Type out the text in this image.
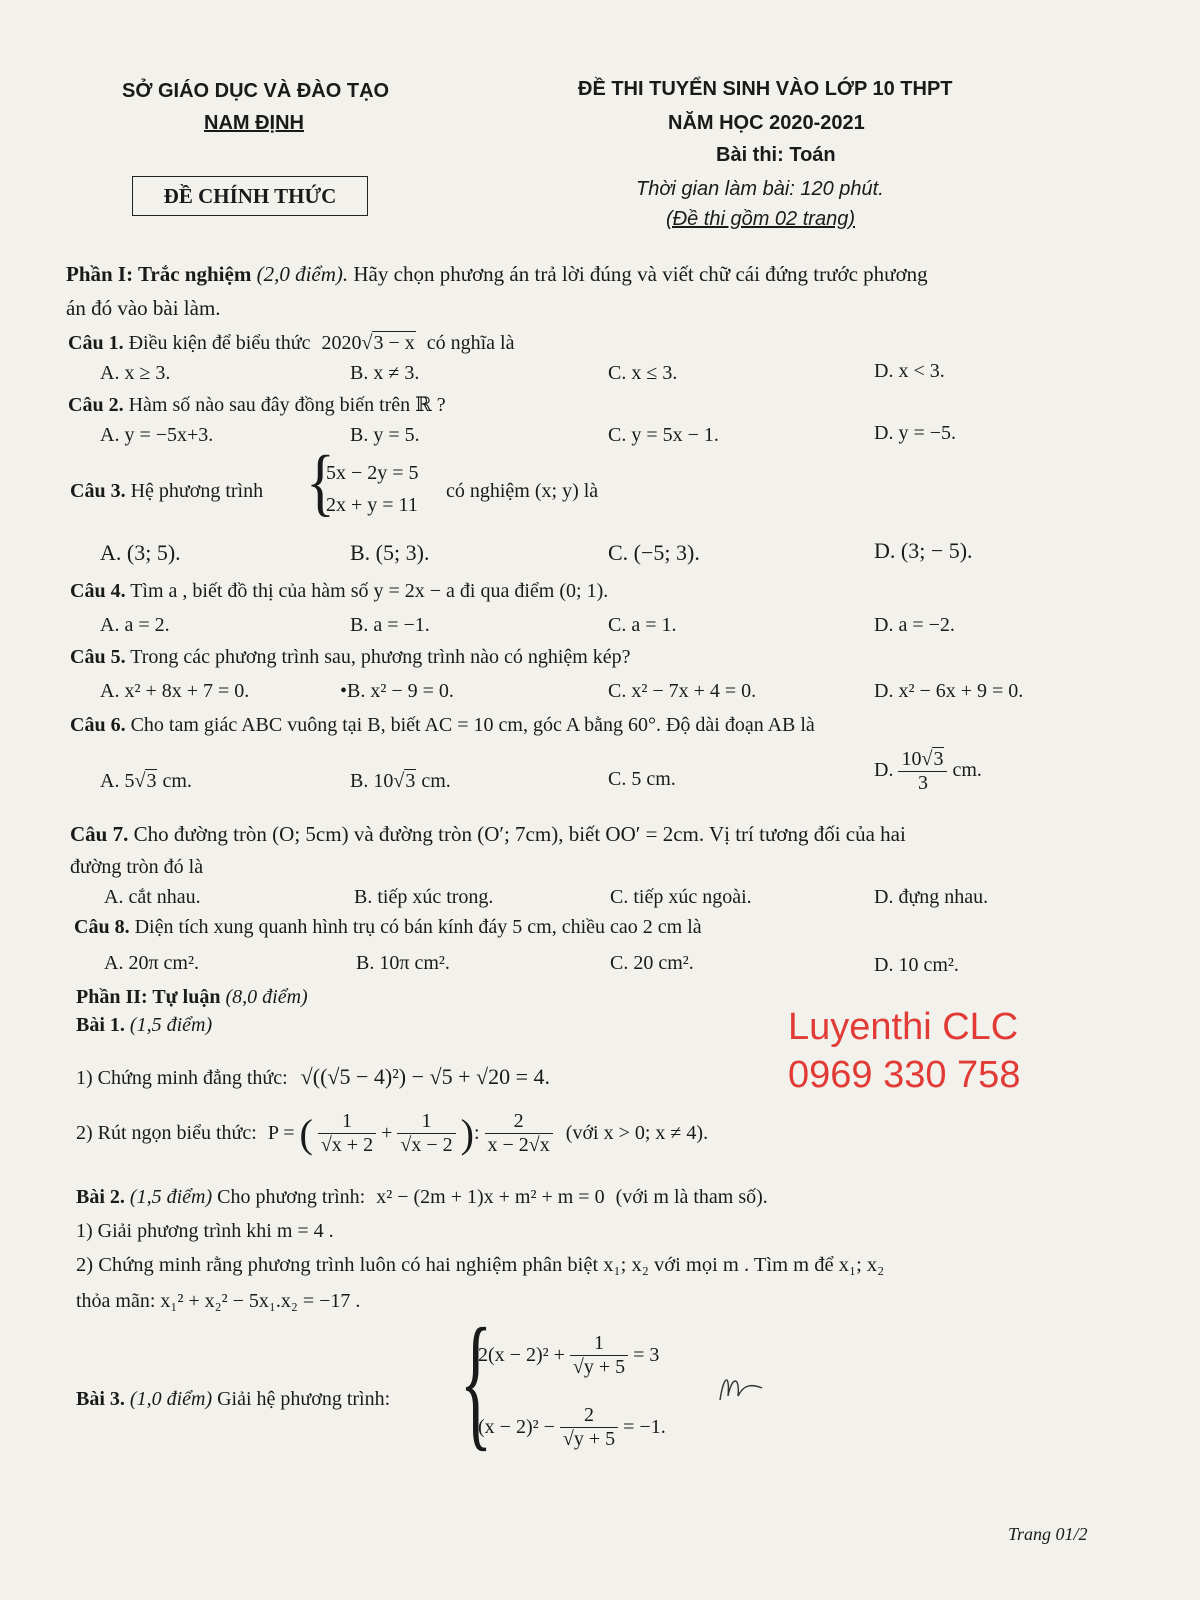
SỞ GIÁO DỤC VÀ ĐÀO TẠO
NAM ĐỊNH
ĐỀ CHÍNH THỨC
ĐỀ THI TUYỂN SINH VÀO LỚP 10 THPT
NĂM HỌC 2020-2021
Bài thi: Toán
Thời gian làm bài: 120 phút.
(Đề thi gồm 02 trang)
Phần I: Trắc nghiệm (2,0 điểm). Hãy chọn phương án trả lời đúng và viết chữ cái đứng trước phương
án đó vào bài làm.
Câu 1. Điều kiện để biểu thức 2020√3 − x có nghĩa là
A. x ≥ 3.	B. x ≠ 3.	C. x ≤ 3.	D. x < 3.
Câu 2. Hàm số nào sau đây đồng biến trên ℝ ?
A. y = −5x+3.	B. y = 5.	C. y = 5x − 1.	D. y = −5.
Câu 3. Hệ phương trình {
5x − 2y = 5
2x + y = 11
có nghiệm (x; y) là
A. (3; 5).	B. (5; 3).	C. (−5; 3).	D. (3; − 5).
Câu 4. Tìm a , biết đồ thị của hàm số y = 2x − a đi qua điểm (0; 1).
A. a = 2.	B. a = −1.	C. a = 1.	D. a = −2.
Câu 5. Trong các phương trình sau, phương trình nào có nghiệm kép?
A. x² + 8x + 7 = 0.	•B. x² − 9 = 0.	C. x² − 7x + 4 = 0.	D. x² − 6x + 9 = 0.
Câu 6. Cho tam giác ABC vuông tại B, biết AC = 10 cm, góc A bằng 60°. Độ dài đoạn AB là
A. 5√3 cm.	B. 10√3 cm.	C. 5 cm.	D. $\frac{10√3}{3}$ cm.
Câu 7. Cho đường tròn (O; 5cm) và đường tròn (O′; 7cm), biết OO′ = 2cm. Vị trí tương đối của hai
đường tròn đó là
A. cắt nhau.	B. tiếp xúc trong.	C. tiếp xúc ngoài.	D. đựng nhau.
Câu 8. Diện tích xung quanh hình trụ có bán kính đáy 5 cm, chiều cao 2 cm là
A. 20π cm².	B. 10π cm².	C. 20 cm².	D. 10 cm².
Phần II: Tự luận (8,0 điểm)
Bài 1. (1,5 điểm)
1) Chứng minh đẳng thức: √((√5 − 4)²) − √5 + √20 = 4.
Luyenthi CLC
0969 330 758
2) Rút ngọn biểu thức: P = ( $\frac{1}{√x + 2} + \frac{1}{√x - 2}$ ): $\frac{2}{x - 2√x}$ (với x > 0; x ≠ 4).
Bài 2. (1,5 điểm) Cho phương trình: x² − (2m + 1)x + m² + m = 0 (với m là tham số).
1) Giải phương trình khi m = 4 .
2) Chứng minh rằng phương trình luôn có hai nghiệm phân biệt x₁; x₂ với mọi m . Tìm m để x₁; x₂
thỏa mãn: x₁² + x₂² − 5x₁.x₂ = −17 .
Bài 3. (1,0 điểm) Giải hệ phương trình: {
$2(x - 2)^2 + \frac{1}{√y + 5} = 3$
$(x - 2)^2 - \frac{2}{√y + 5} = -1$.
Trang 01/2
